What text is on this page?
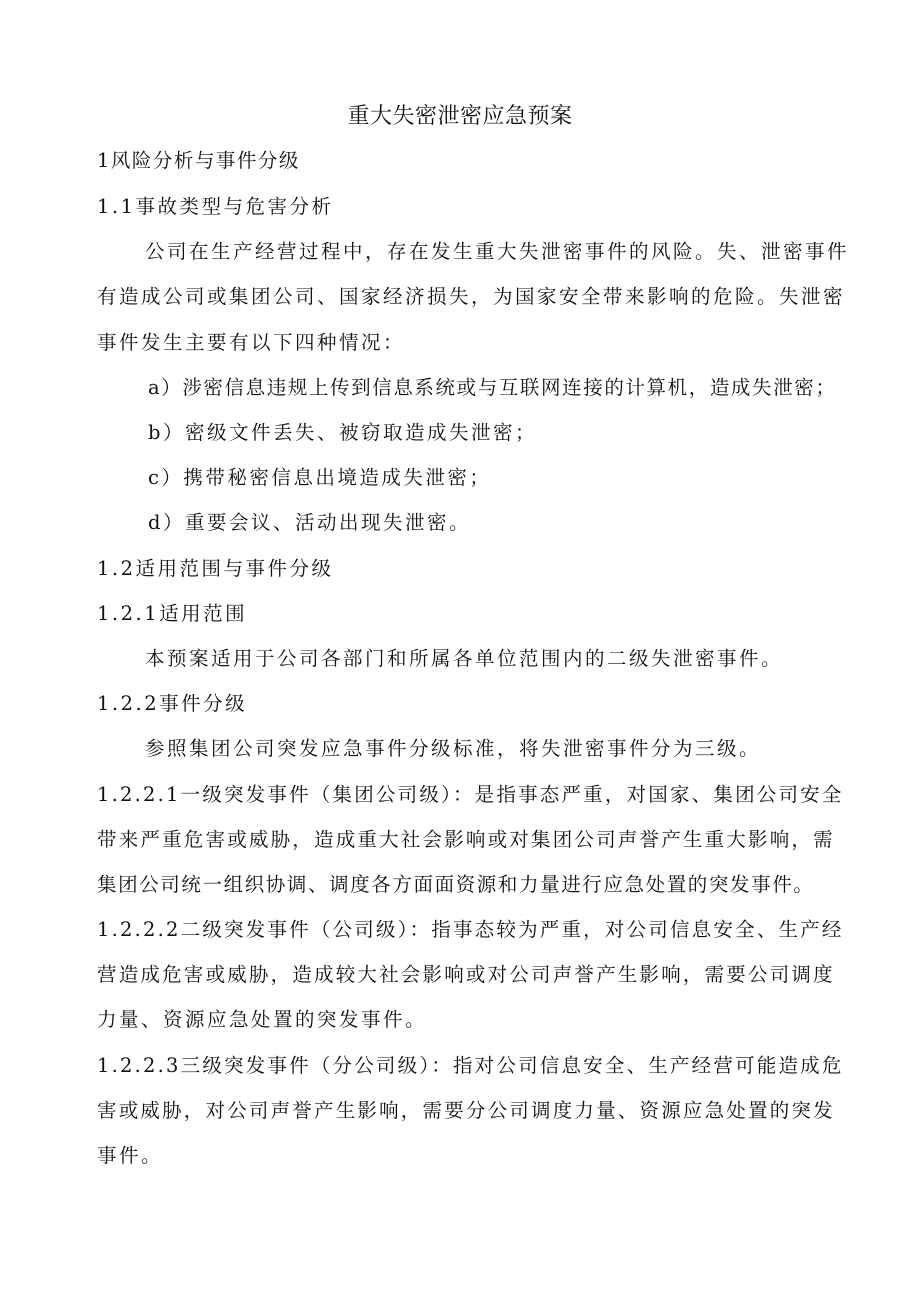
重大失密泄密应急预案
1风险分析与事件分级
1.1事故类型与危害分析
公司在生产经营过程中，存在发生重大失泄密事件的风险。失、泄密事件
有造成公司或集团公司、国家经济损失，为国家安全带来影响的危险。失泄密
事件发生主要有以下四种情况：
a）涉密信息违规上传到信息系统或与互联网连接的计算机，造成失泄密；
b）密级文件丢失、被窃取造成失泄密；
c）携带秘密信息出境造成失泄密；
d）重要会议、活动出现失泄密。
1.2适用范围与事件分级
1.2.1适用范围
本预案适用于公司各部门和所属各单位范围内的二级失泄密事件。
1.2.2事件分级
参照集团公司突发应急事件分级标准，将失泄密事件分为三级。
1.2.2.1一级突发事件（集团公司级）：是指事态严重，对国家、集团公司安全
带来严重危害或威胁，造成重大社会影响或对集团公司声誉产生重大影响，需
集团公司统一组织协调、调度各方面面资源和力量进行应急处置的突发事件。
1.2.2.2二级突发事件（公司级）：指事态较为严重，对公司信息安全、生产经
营造成危害或威胁，造成较大社会影响或对公司声誉产生影响，需要公司调度
力量、资源应急处置的突发事件。
1.2.2.3三级突发事件（分公司级）：指对公司信息安全、生产经营可能造成危
害或威胁，对公司声誉产生影响，需要分公司调度力量、资源应急处置的突发
事件。
